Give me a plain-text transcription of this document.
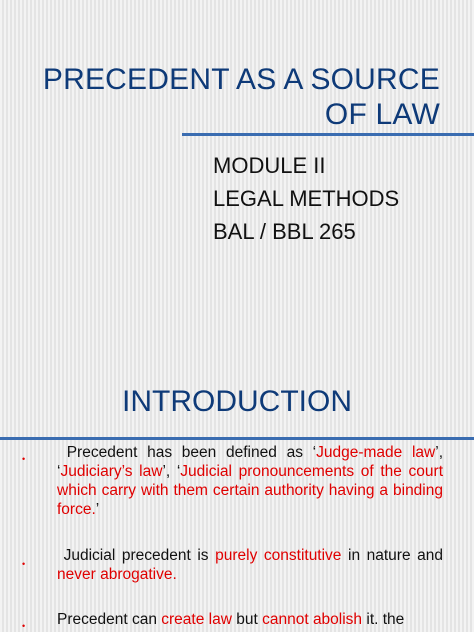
PRECEDENT AS A SOURCE OF LAW
MODULE II
LEGAL METHODS
BAL / BBL 265
INTRODUCTION
•	Precedent has been defined as ‘Judge-made law’, ‘Judiciary’s law’, ‘Judicial pronouncements of the court which carry with them certain authority having a binding force.’

•	Judicial precedent is purely constitutive in nature and never abrogative.

• Precedent can create law but cannot abolish it. the
